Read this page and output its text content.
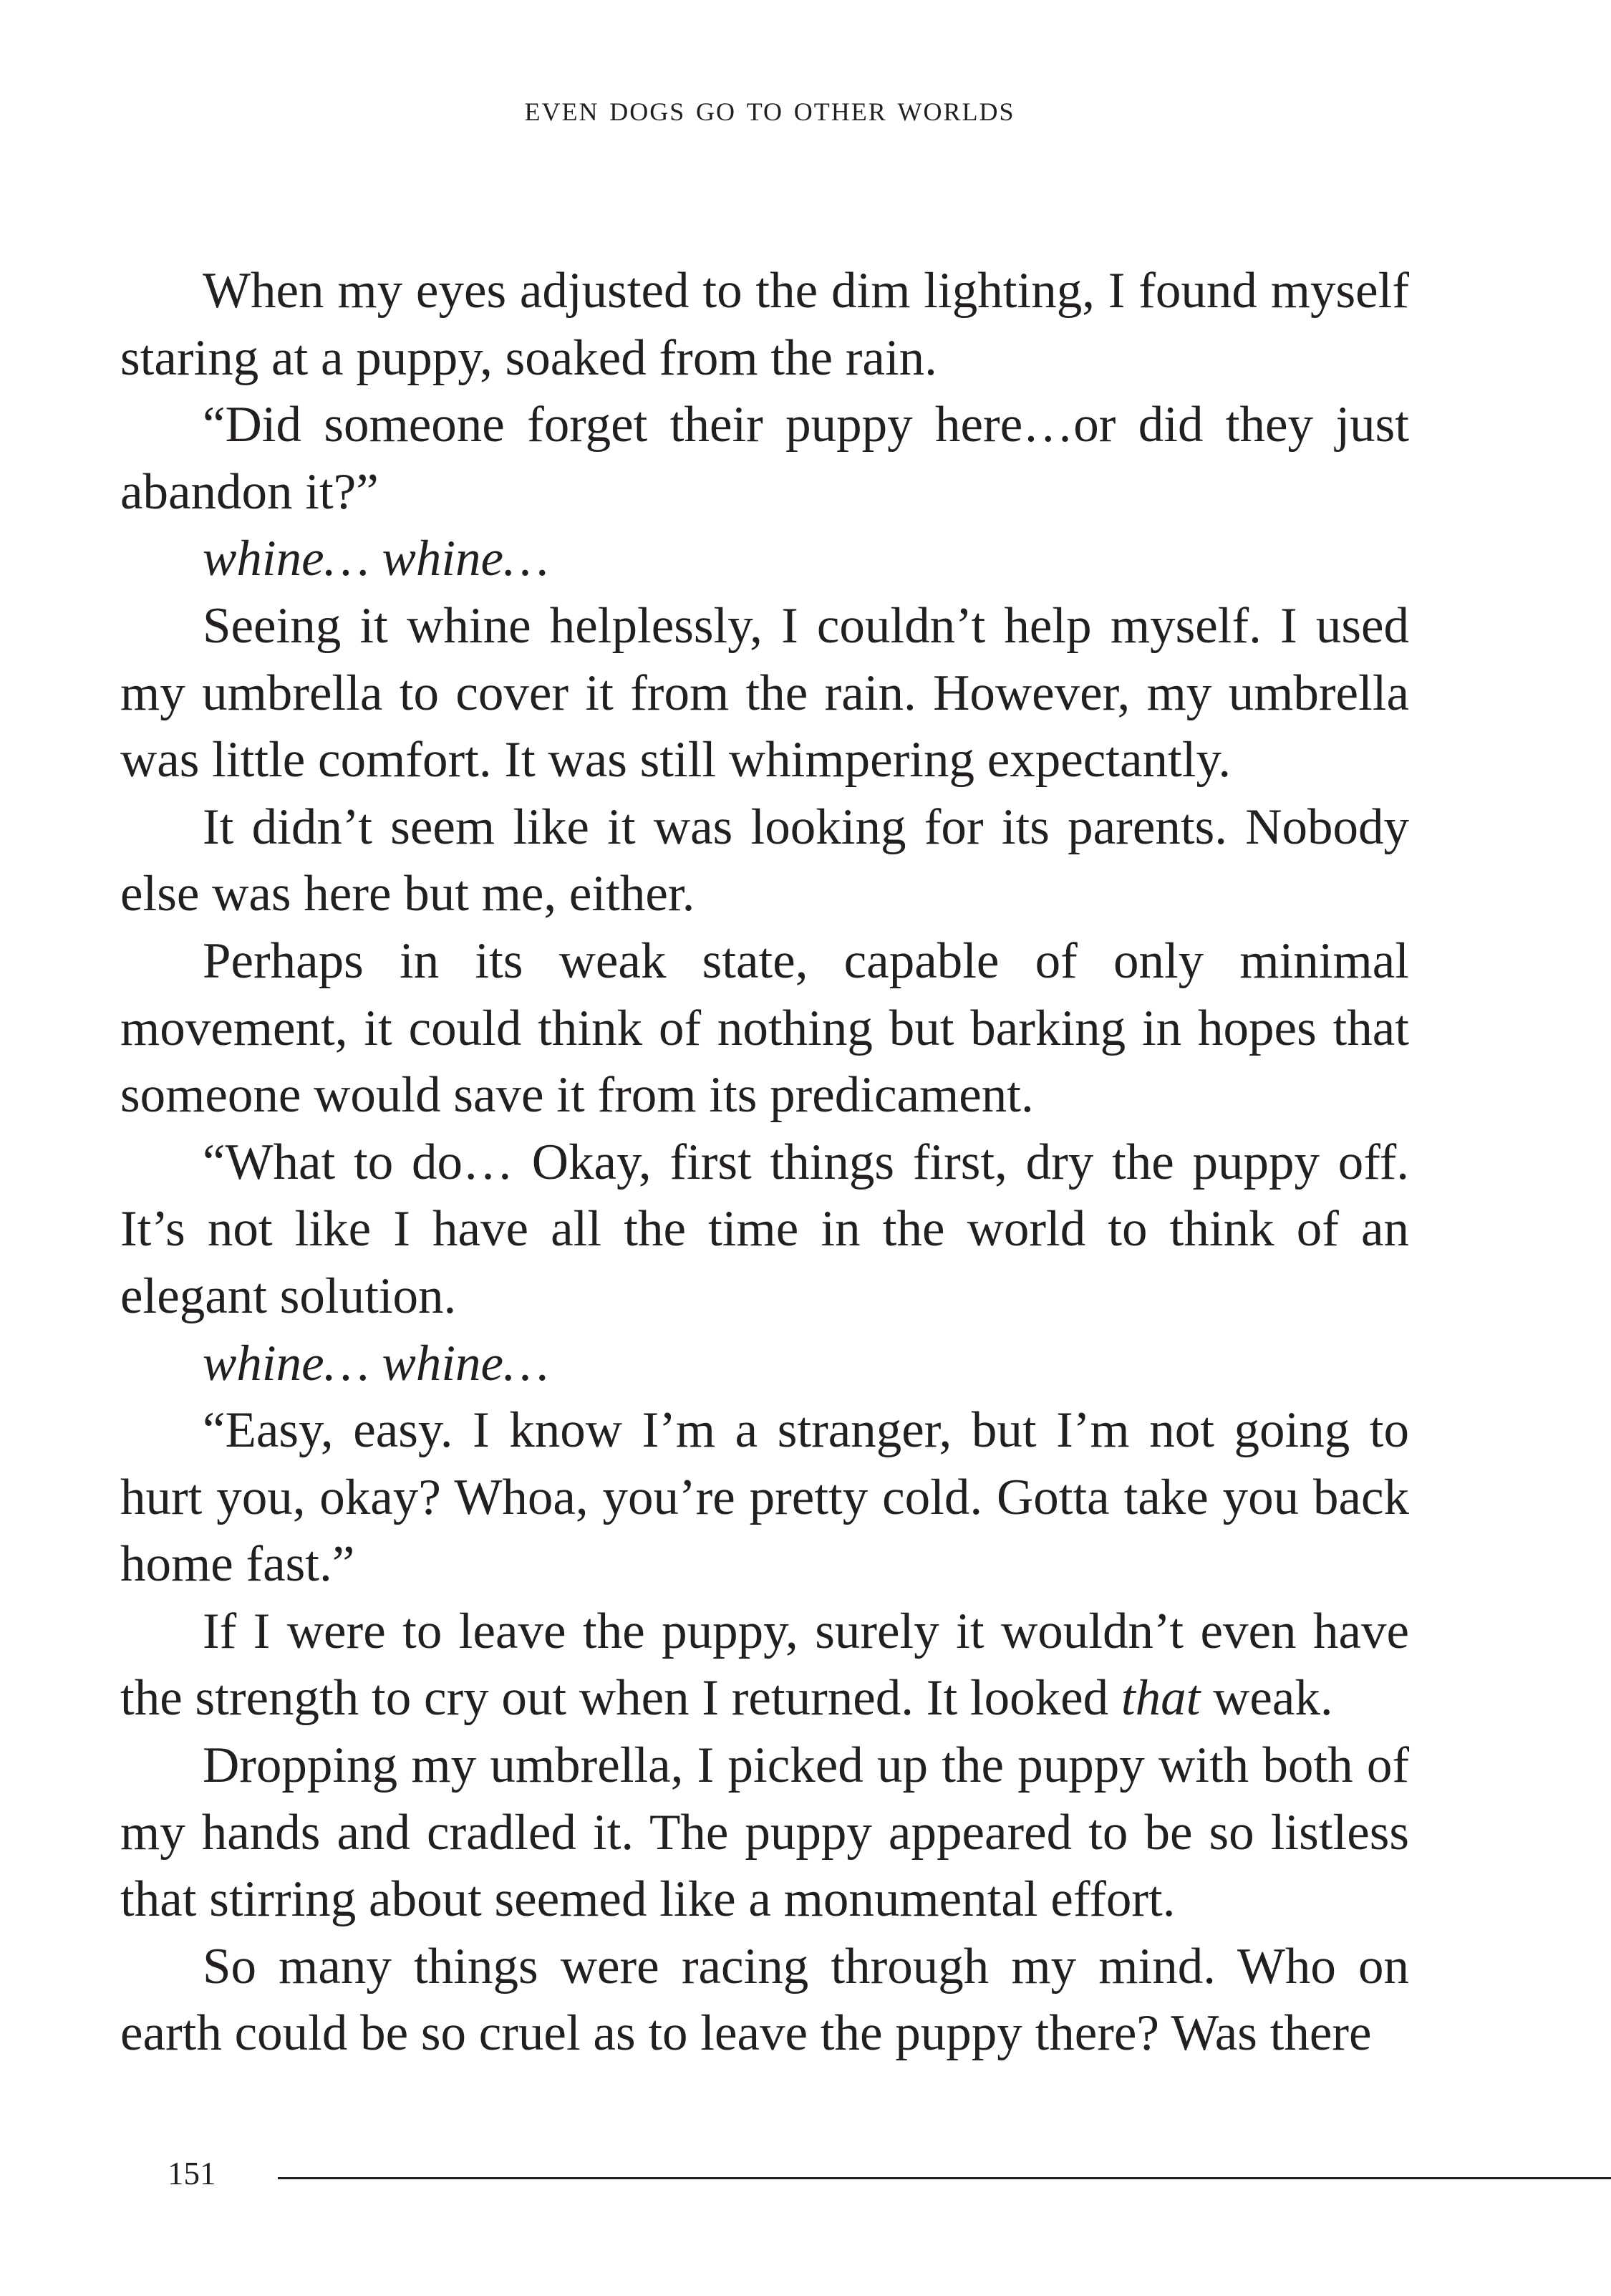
even dogs go to other worlds

When my eyes adjusted to the dim lighting, I found myself staring at a puppy, soaked from the rain.

“Did someone forget their puppy here…or did they just abandon it?”

whine… whine…

Seeing it whine helplessly, I couldn’t help myself. I used my umbrella to cover it from the rain. However, my umbrella was little comfort. It was still whimpering expectantly.

It didn’t seem like it was looking for its parents. Nobody else was here but me, either.

Perhaps in its weak state, capable of only minimal movement, it could think of nothing but barking in hopes that someone would save it from its predicament.

“What to do… Okay, first things first, dry the puppy off. It’s not like I have all the time in the world to think of an elegant solution.

whine… whine…

“Easy, easy. I know I’m a stranger, but I’m not going to hurt you, okay? Whoa, you’re pretty cold. Gotta take you back home fast.”

If I were to leave the puppy, surely it wouldn’t even have the strength to cry out when I returned. It looked that weak.

Dropping my umbrella, I picked up the puppy with both of my hands and cradled it. The puppy appeared to be so listless that stirring about seemed like a monumental effort.

So many things were racing through my mind. Who on earth could be so cruel as to leave the puppy there? Was there

151
